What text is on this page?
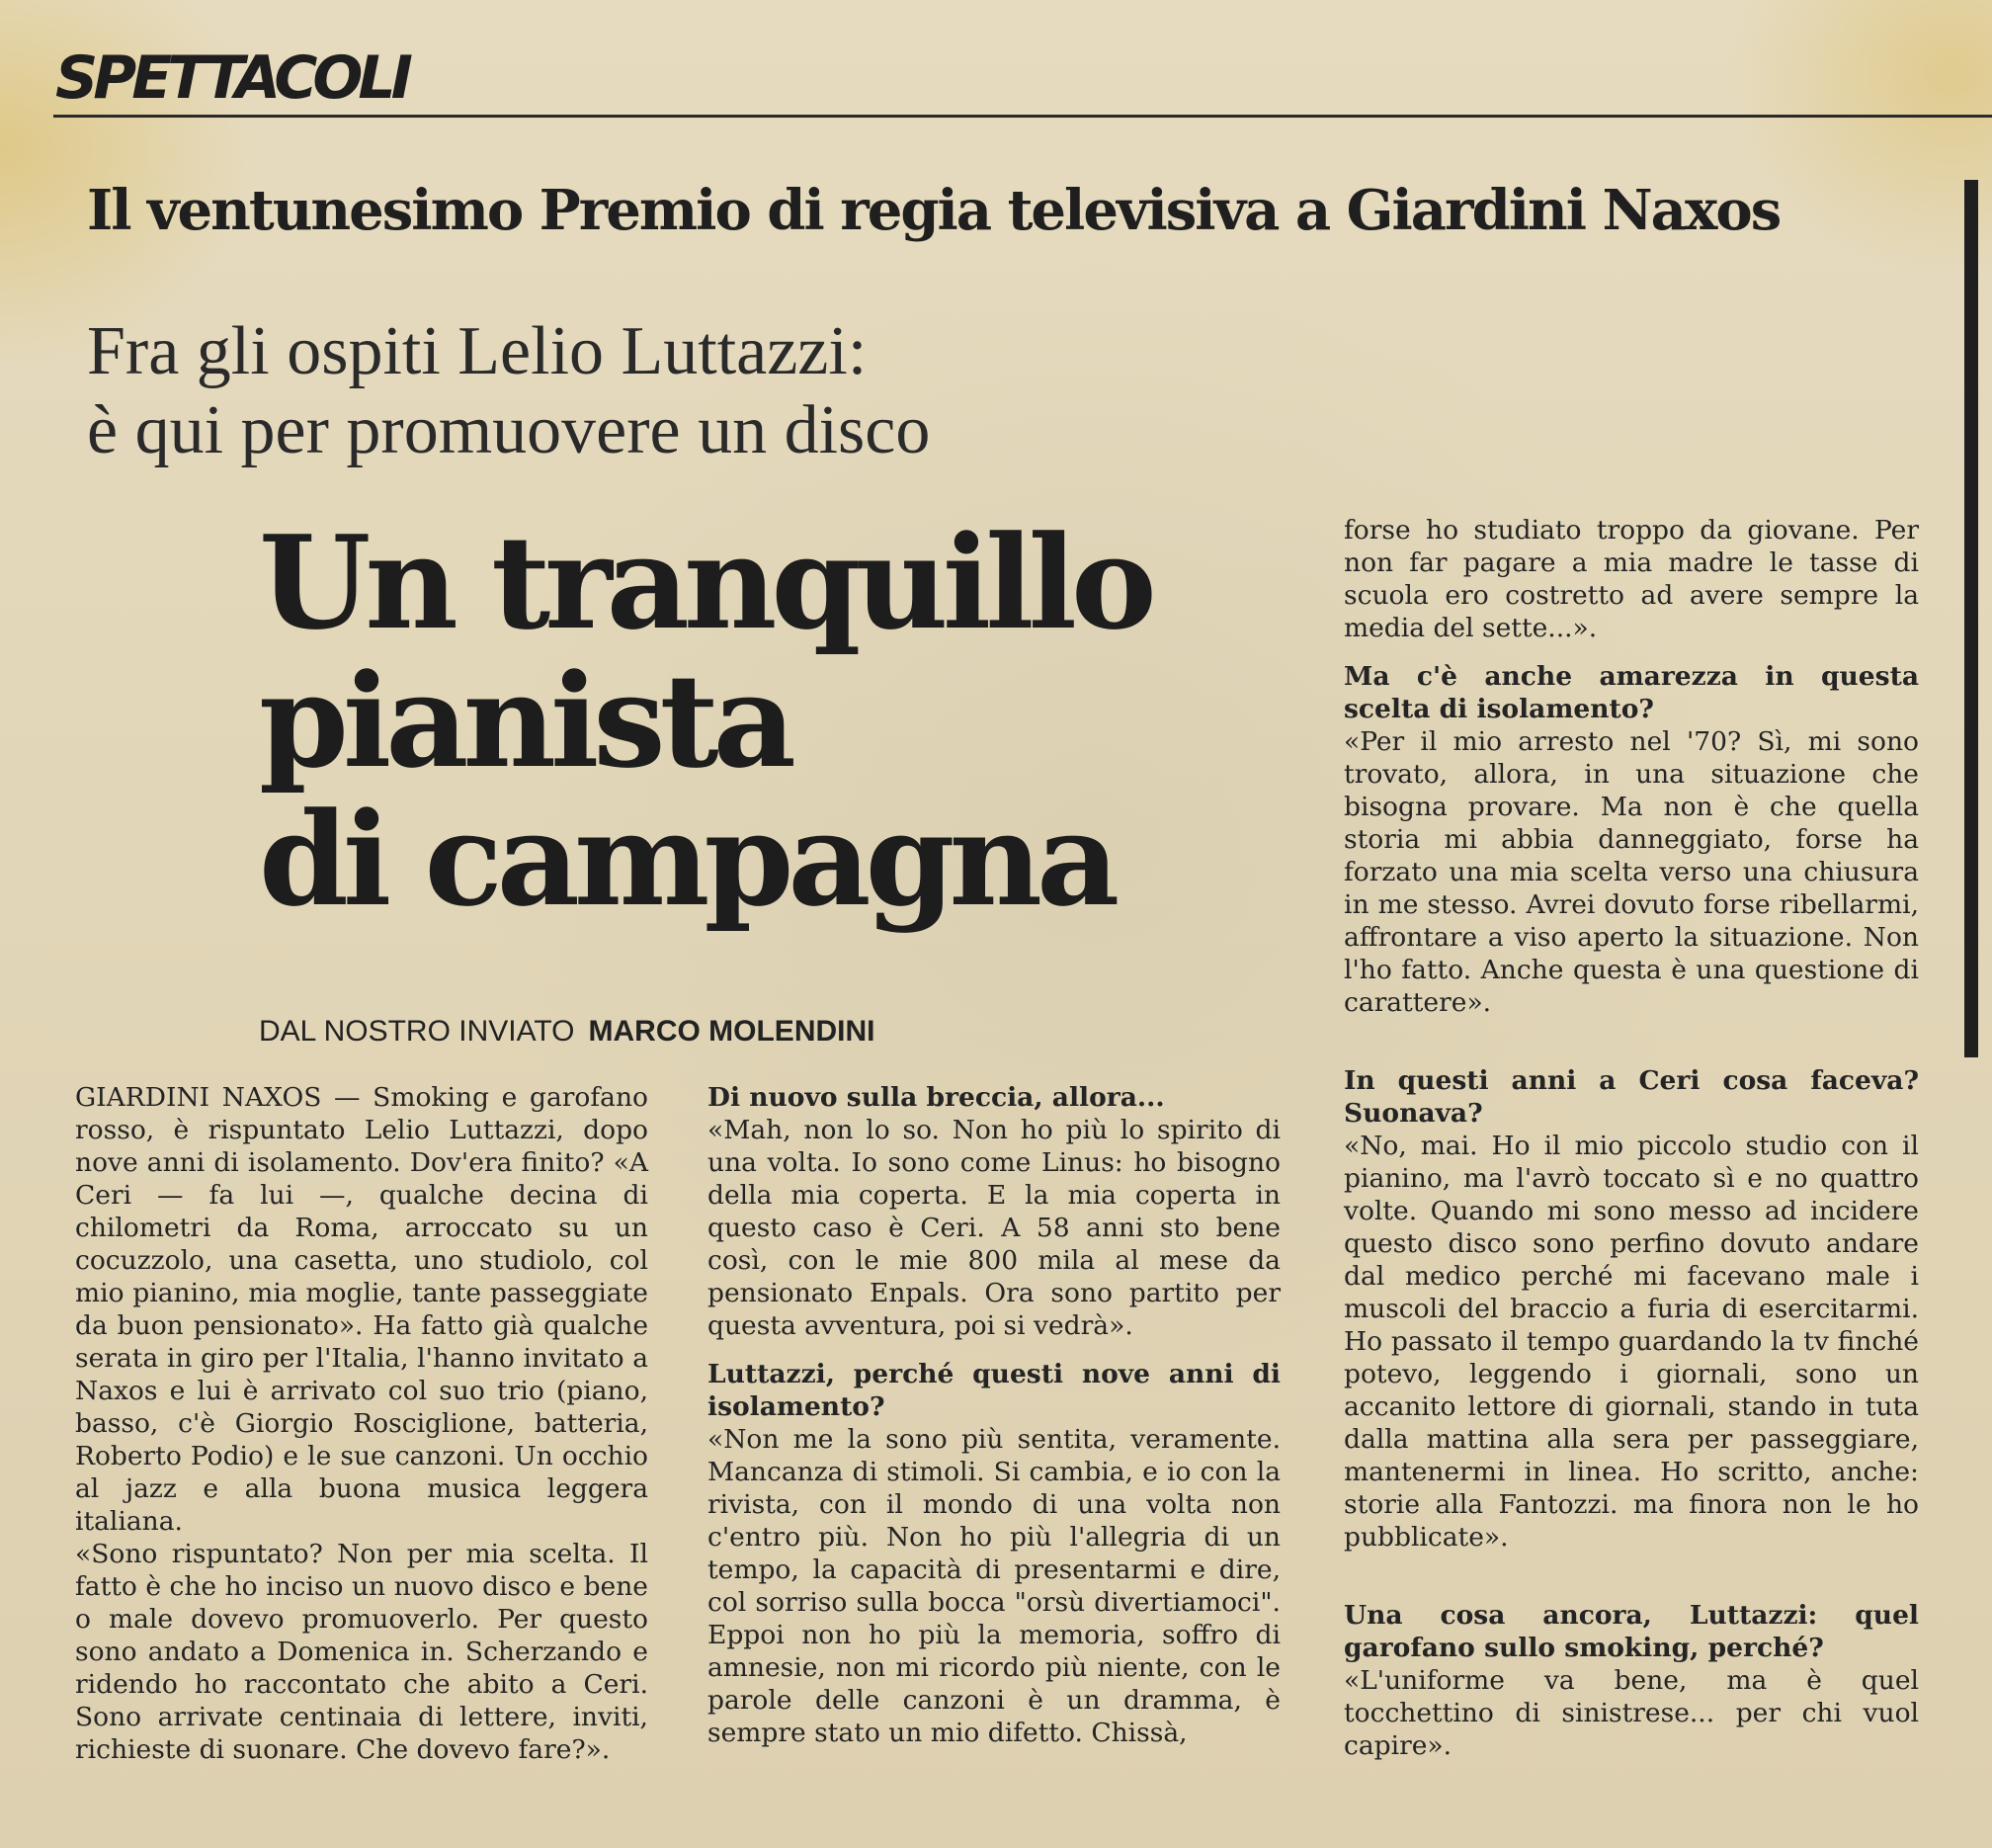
SPETTACOLI
Il ventunesimo Premio di regia televisiva a Giardini Naxos
Fra gli ospiti Lelio Luttazzi:
è qui per promuovere un disco
Un tranquillo
pianista
di campagna
DAL NOSTRO INVIATO MARCO MOLENDINI

GIARDINI NAXOS — Smoking e garofano rosso, è rispuntato Lelio Luttazzi, dopo nove anni di isolamento. Dov'era finito? «A Ceri — fa lui —, qualche decina di chilometri da Roma, arroccato su un cocuzzolo, una casetta, uno studiolo, col mio pianino, mia moglie, tante passeggiate da buon pensionato». Ha fatto già qualche serata in giro per l'Italia, l'hanno invitato a Naxos e lui è arrivato col suo trio (piano, basso, c'è Giorgio Rosciglione, batteria, Roberto Podio) e le sue canzoni. Un occhio al jazz e alla buona musica leggera italiana.

«Sono rispuntato? Non per mia scelta. Il fatto è che ho inciso un nuovo disco e bene o male dovevo promuoverlo. Per questo sono andato a Domenica in. Scherzando e ridendo ho raccontato che abito a Ceri. Sono arrivate centinaia di lettere, inviti, richieste di suonare. Che dovevo fare?».

Di nuovo sulla breccia, allora...

«Mah, non lo so. Non ho più lo spirito di una volta. Io sono come Linus: ho bisogno della mia coperta. E la mia coperta in questo caso è Ceri. A 58 anni sto bene così, con le mie 800 mila al mese da pensionato Enpals. Ora sono partito per questa avventura, poi si vedrà».

Luttazzi, perché questi nove anni di isolamento?

«Non me la sono più sentita, veramente. Mancanza di stimoli. Si cambia, e io con la rivista, con il mondo di una volta non c'entro più. Non ho più l'allegria di un tempo, la capacità di presentarmi e dire, col sorriso sulla bocca "orsù divertiamoci". Eppoi non ho più la memoria, soffro di amnesie, non mi ricordo più niente, con le parole delle canzoni è un dramma, è sempre stato un mio difetto. Chissà,

forse ho studiato troppo da giovane. Per non far pagare a mia madre le tasse di scuola ero costretto ad avere sempre la media del sette...».

Ma c'è anche amarezza in questa scelta di isolamento?

«Per il mio arresto nel '70? Sì, mi sono trovato, allora, in una situazione che bisogna provare. Ma non è che quella storia mi abbia danneggiato, forse ha forzato una mia scelta verso una chiusura in me stesso. Avrei dovuto forse ribellarmi, affrontare a viso aperto la situazione. Non l'ho fatto. Anche questa è una questione di carattere».

In questi anni a Ceri cosa faceva? Suonava?

«No, mai. Ho il mio piccolo studio con il pianino, ma l'avrò toccato sì e no quattro volte. Quando mi sono messo ad incidere questo disco sono perfino dovuto andare dal medico perché mi facevano male i muscoli del braccio a furia di esercitarmi. Ho passato il tempo guardando la tv finché potevo, leggendo i giornali, sono un accanito lettore di giornali, stando in tuta dalla mattina alla sera per passeggiare, mantenermi in linea. Ho scritto, anche: storie alla Fantozzi. ma finora non le ho pubblicate».

Una cosa ancora, Luttazzi: quel garofano sullo smoking, perché?

«L'uniforme va bene, ma è quel tocchettino di sinistrese... per chi vuol capire».
